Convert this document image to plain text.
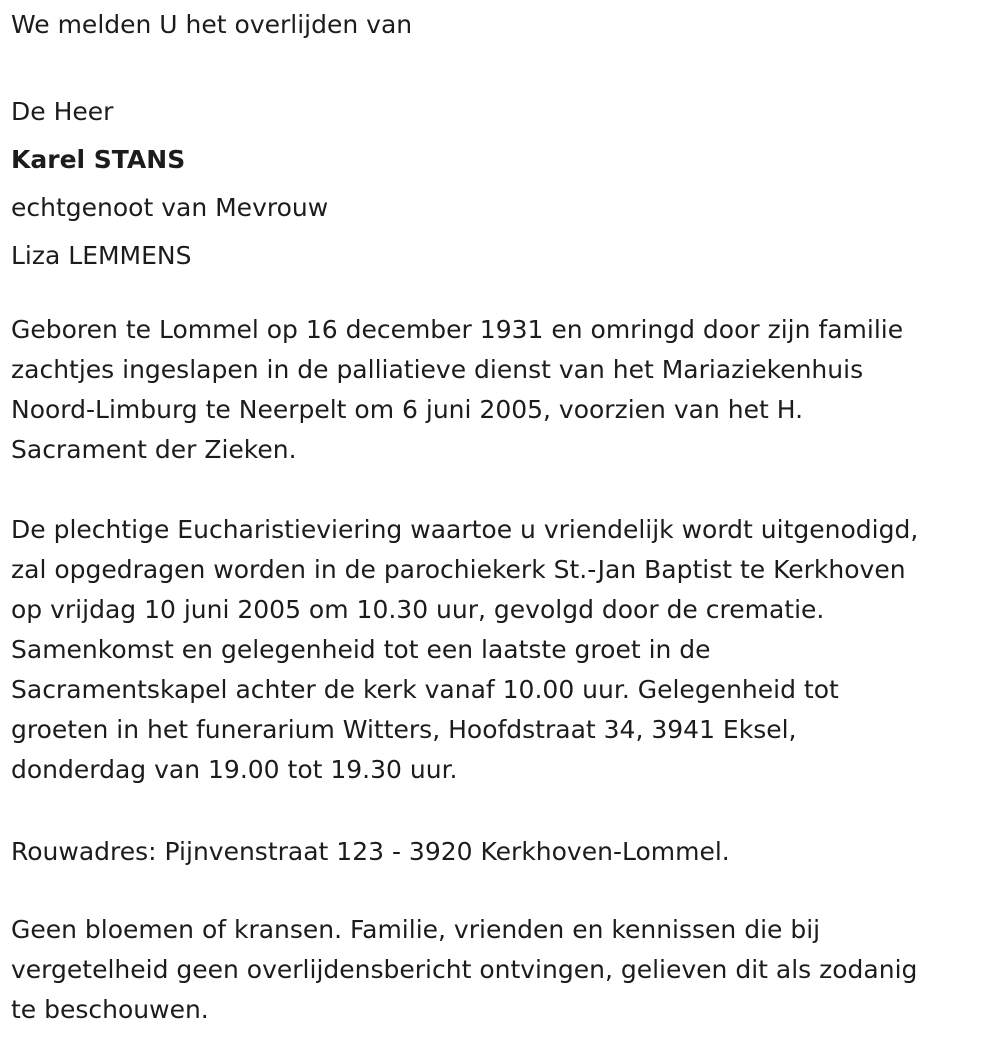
We melden U het overlijden van

De Heer

Karel STANS

echtgenoot van Mevrouw

Liza LEMMENS

Geboren te Lommel op 16 december 1931 en omringd door zijn familie
zachtjes ingeslapen in de palliatieve dienst van het Mariaziekenhuis
Noord-Limburg te Neerpelt om 6 juni 2005, voorzien van het H.
Sacrament der Zieken.

De plechtige Eucharistieviering waartoe u vriendelijk wordt uitgenodigd,
zal opgedragen worden in de parochiekerk St.-Jan Baptist te Kerkhoven
op vrijdag 10 juni 2005 om 10.30 uur, gevolgd door de crematie.
Samenkomst en gelegenheid tot een laatste groet in de
Sacramentskapel achter de kerk vanaf 10.00 uur. Gelegenheid tot
groeten in het funerarium Witters, Hoofdstraat 34, 3941 Eksel,
donderdag van 19.00 tot 19.30 uur.

Rouwadres: Pijnvenstraat 123 - 3920 Kerkhoven-Lommel.

Geen bloemen of kransen. Familie, vrienden en kennissen die bij
vergetelheid geen overlijdensbericht ontvingen, gelieven dit als zodanig
te beschouwen.
